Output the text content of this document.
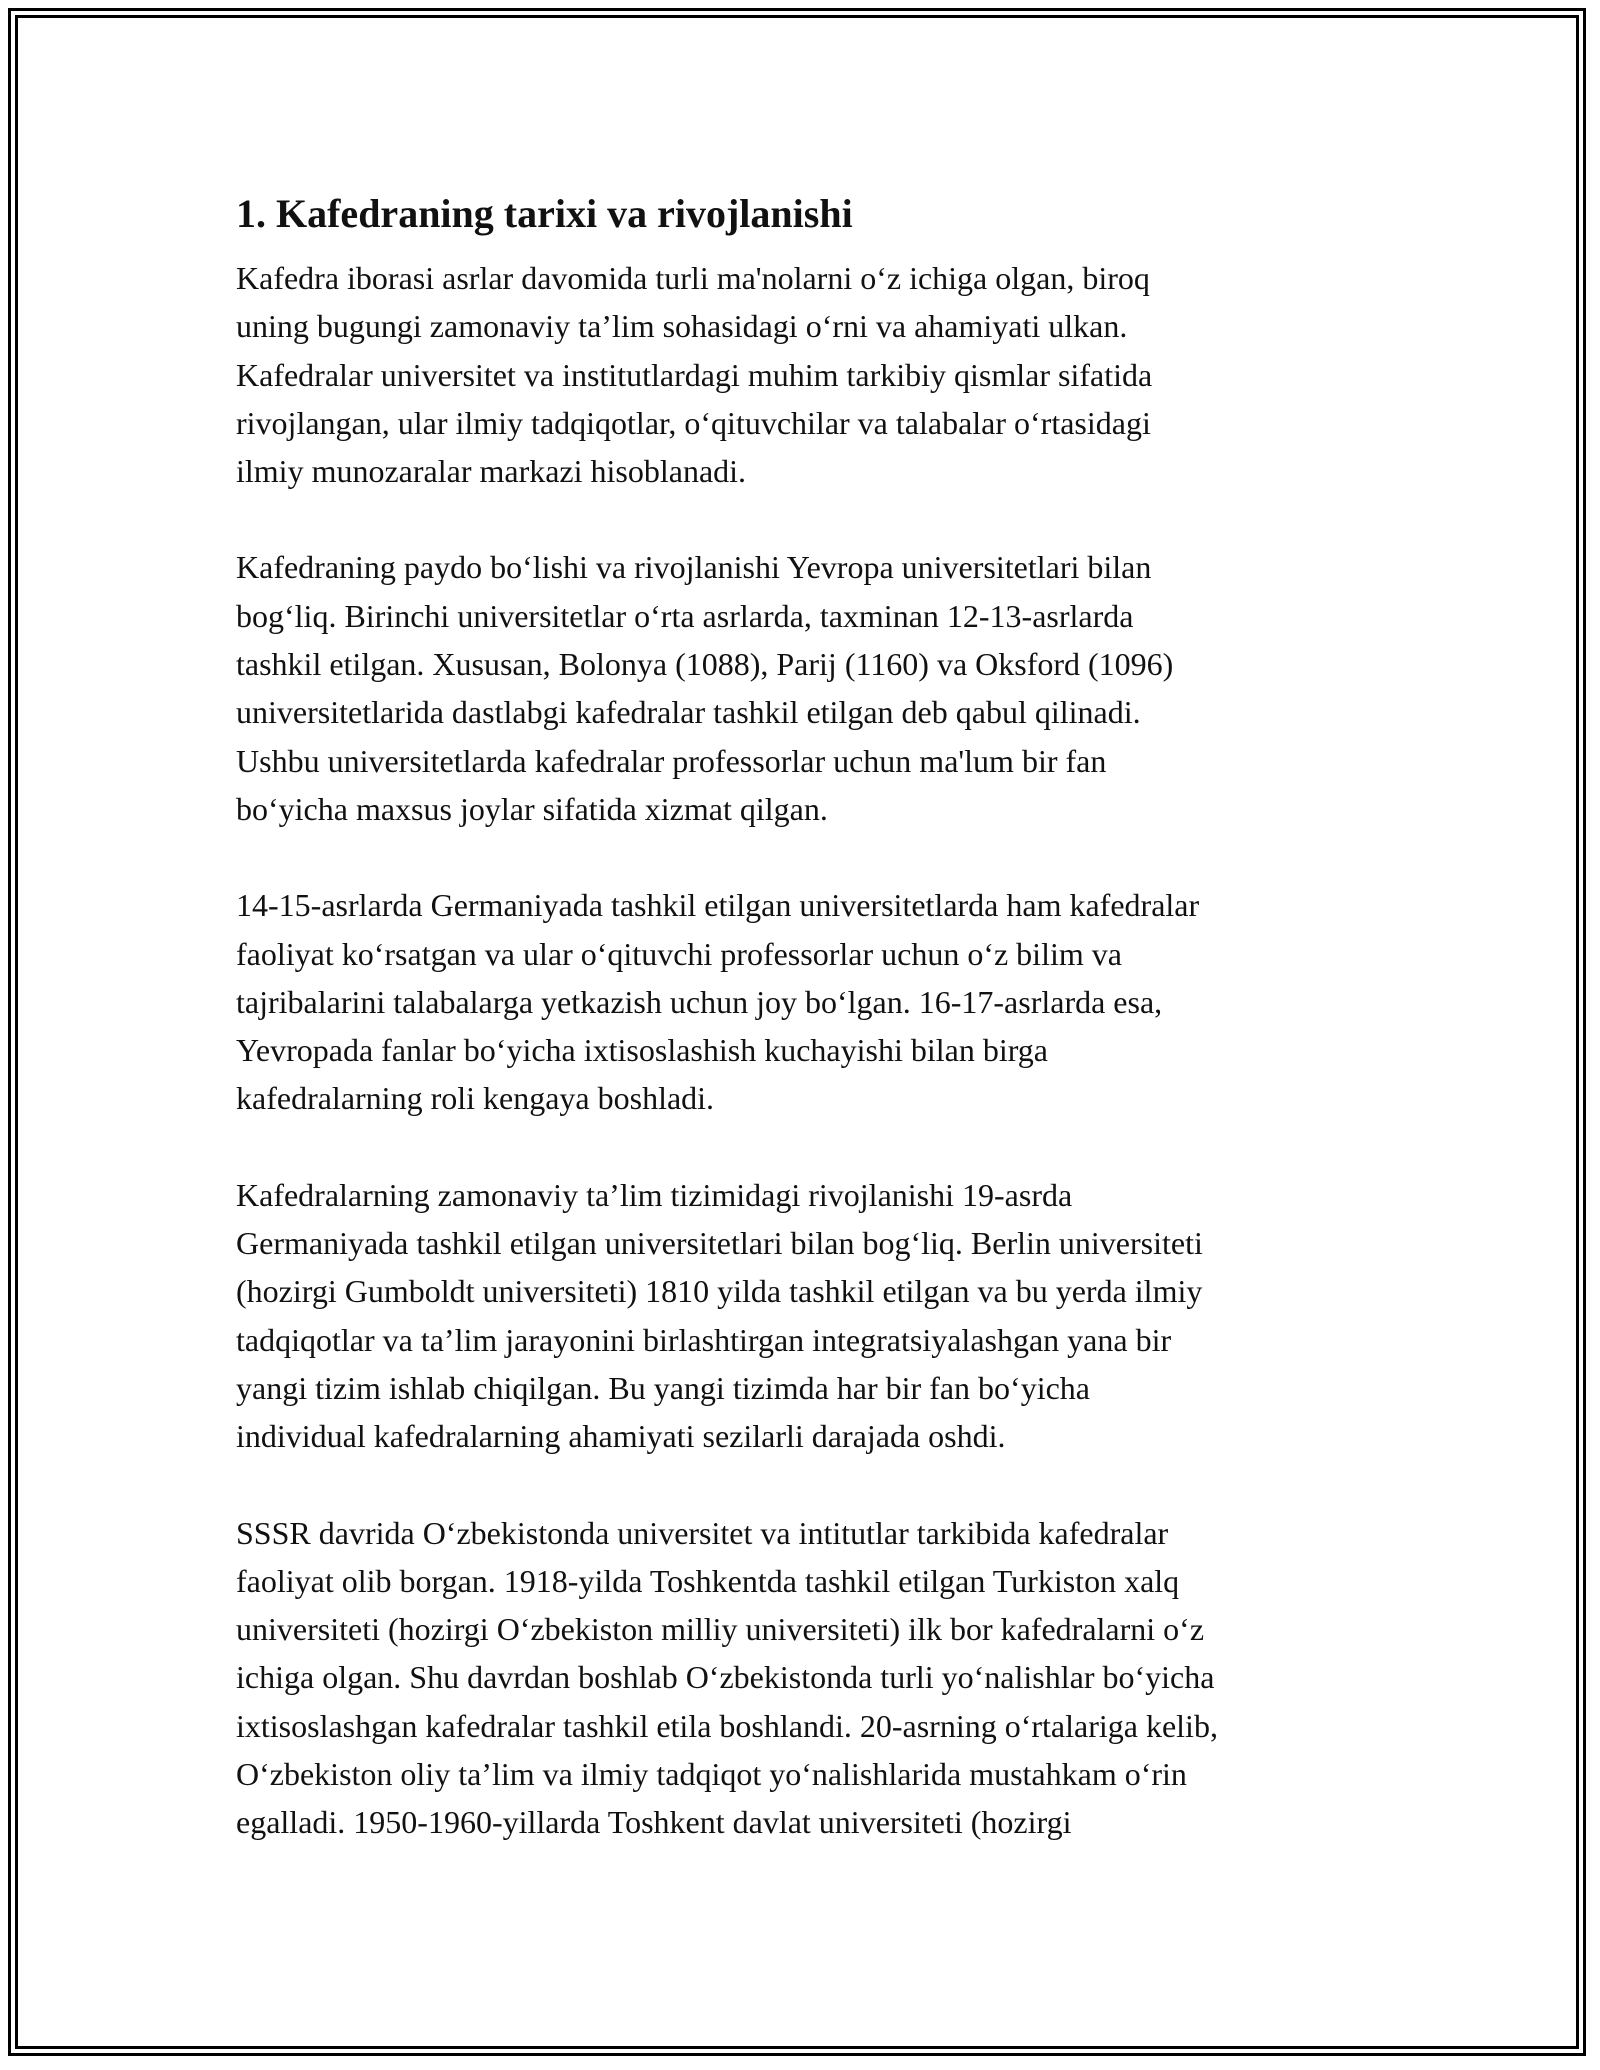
1. Kafedraning tarixi va rivojlanishi
Kafedra iborasi asrlar davomida turli ma'nolarni o‘z ichiga olgan, biroq
uning bugungi zamonaviy ta’lim sohasidagi o‘rni va ahamiyati ulkan.
Kafedralar universitet va institutlardagi muhim tarkibiy qismlar sifatida
rivojlangan, ular ilmiy tadqiqotlar, o‘qituvchilar va talabalar o‘rtasidagi
ilmiy munozaralar markazi hisoblanadi.
Kafedraning paydo bo‘lishi va rivojlanishi Yevropa universitetlari bilan
bog‘liq. Birinchi universitetlar o‘rta asrlarda, taxminan 12-13-asrlarda
tashkil etilgan. Xususan, Bolonya (1088), Parij (1160) va Oksford (1096)
universitetlarida dastlabgi kafedralar tashkil etilgan deb qabul qilinadi.
Ushbu universitetlarda kafedralar professorlar uchun ma'lum bir fan
bo‘yicha maxsus joylar sifatida xizmat qilgan.
14-15-asrlarda Germaniyada tashkil etilgan universitetlarda ham kafedralar
faoliyat ko‘rsatgan va ular o‘qituvchi professorlar uchun o‘z bilim va
tajribalarini talabalarga yetkazish uchun joy bo‘lgan. 16-17-asrlarda esa,
Yevropada fanlar bo‘yicha ixtisoslashish kuchayishi bilan birga
kafedralarning roli kengaya boshladi.
Kafedralarning zamonaviy ta’lim tizimidagi rivojlanishi 19-asrda
Germaniyada tashkil etilgan universitetlari bilan bog‘liq. Berlin universiteti
(hozirgi Gumboldt universiteti) 1810 yilda tashkil etilgan va bu yerda ilmiy
tadqiqotlar va ta’lim jarayonini birlashtirgan integratsiyalashgan yana bir
yangi tizim ishlab chiqilgan. Bu yangi tizimda har bir fan bo‘yicha
individual kafedralarning ahamiyati sezilarli darajada oshdi.
SSSR davrida O‘zbekistonda universitet va intitutlar tarkibida kafedralar
faoliyat olib borgan. 1918-yilda Toshkentda tashkil etilgan Turkiston xalq
universiteti (hozirgi O‘zbekiston milliy universiteti) ilk bor kafedralarni o‘z
ichiga olgan. Shu davrdan boshlab O‘zbekistonda turli yo‘nalishlar bo‘yicha
ixtisoslashgan kafedralar tashkil etila boshlandi. 20-asrning o‘rtalariga kelib,
O‘zbekiston oliy ta’lim va ilmiy tadqiqot yo‘nalishlarida mustahkam o‘rin
egalladi. 1950-1960-yillarda Toshkent davlat universiteti (hozirgi
